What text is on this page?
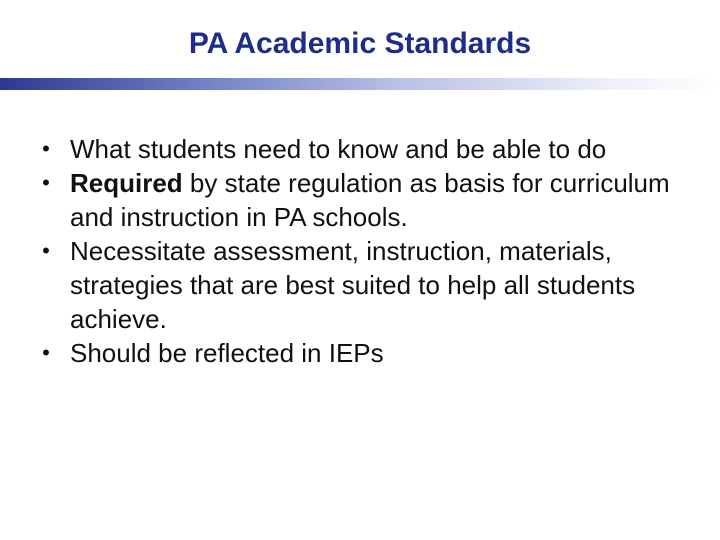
PA Academic Standards
• What students need to know and be able to do
• Required by state regulation as basis for curriculum and instruction in PA schools.
• Necessitate assessment, instruction, materials, strategies that are best suited to help all students achieve.
• Should be reflected in IEPs
